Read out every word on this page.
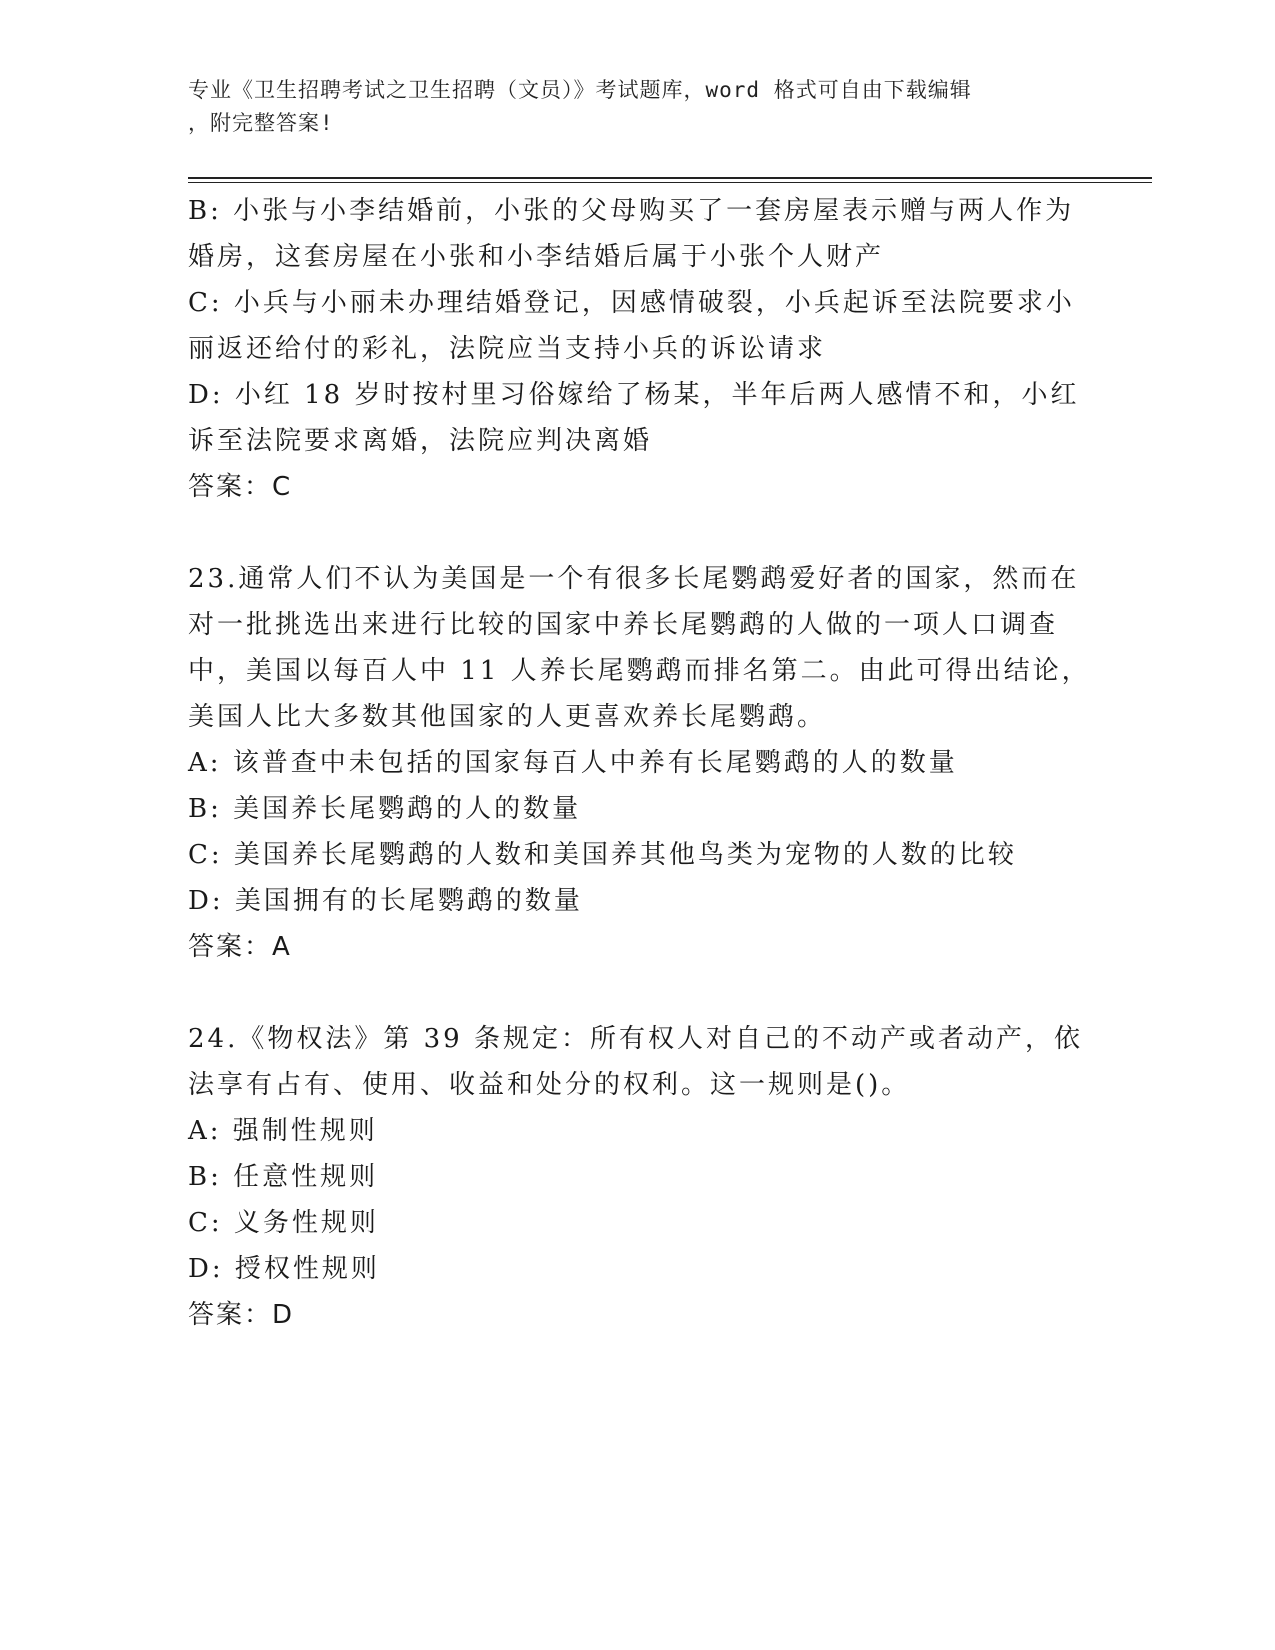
专业《卫生招聘考试之卫生招聘（文员）》考试题库，word 格式可自由下载编辑
，附完整答案!
B: 小张与小李结婚前，小张的父母购买了一套房屋表示赠与两人作为
婚房，这套房屋在小张和小李结婚后属于小张个人财产
C: 小兵与小丽未办理结婚登记，因感情破裂，小兵起诉至法院要求小
丽返还给付的彩礼，法院应当支持小兵的诉讼请求
D: 小红 18 岁时按村里习俗嫁给了杨某，半年后两人感情不和，小红
诉至法院要求离婚，法院应判决离婚
答案：C
23.通常人们不认为美国是一个有很多长尾鹦鹉爱好者的国家，然而在
对一批挑选出来进行比较的国家中养长尾鹦鹉的人做的一项人口调查
中，美国以每百人中 11 人养长尾鹦鹉而排名第二。由此可得出结论，
美国人比大多数其他国家的人更喜欢养长尾鹦鹉。
A: 该普查中未包括的国家每百人中养有长尾鹦鹉的人的数量
B: 美国养长尾鹦鹉的人的数量
C: 美国养长尾鹦鹉的人数和美国养其他鸟类为宠物的人数的比较
D: 美国拥有的长尾鹦鹉的数量
答案：A
24.《物权法》第 39 条规定：所有权人对自己的不动产或者动产，依
法享有占有、使用、收益和处分的权利。这一规则是()。
A: 强制性规则
B: 任意性规则
C: 义务性规则
D: 授权性规则
答案：D
